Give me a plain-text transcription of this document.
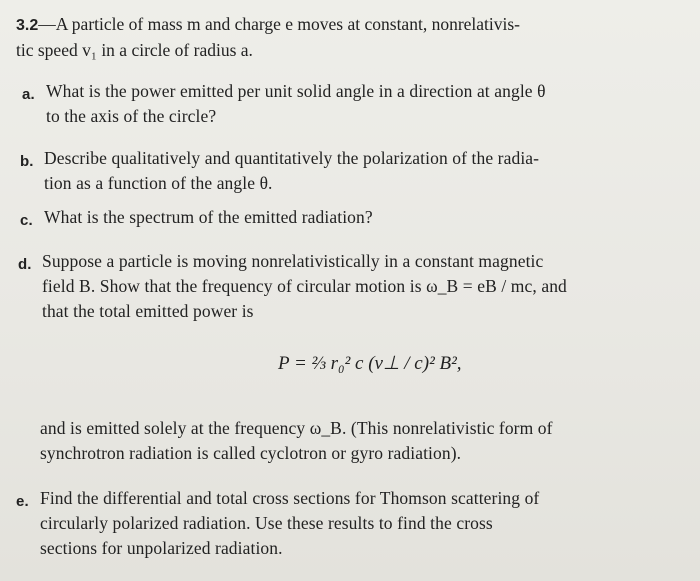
3.2—A particle of mass m and charge e moves at constant, nonrelativis-
tic speed v₁ in a circle of radius a.
a. What is the power emitted per unit solid angle in a direction at angle θ
to the axis of the circle?
b. Describe qualitatively and quantitatively the polarization of the radia-
tion as a function of the angle θ.
c. What is the spectrum of the emitted radiation?
d. Suppose a particle is moving nonrelativistically in a constant magnetic
field B. Show that the frequency of circular motion is ω_B = eB / mc, and
that the total emitted power is
P = ⅔ r₀² c (v⊥ / c)² B²,
and is emitted solely at the frequency ω_B. (This nonrelativistic form of
synchrotron radiation is called cyclotron or gyro radiation).
e. Find the differential and total cross sections for Thomson scattering of
circularly polarized radiation. Use these results to find the cross
sections for unpolarized radiation.
